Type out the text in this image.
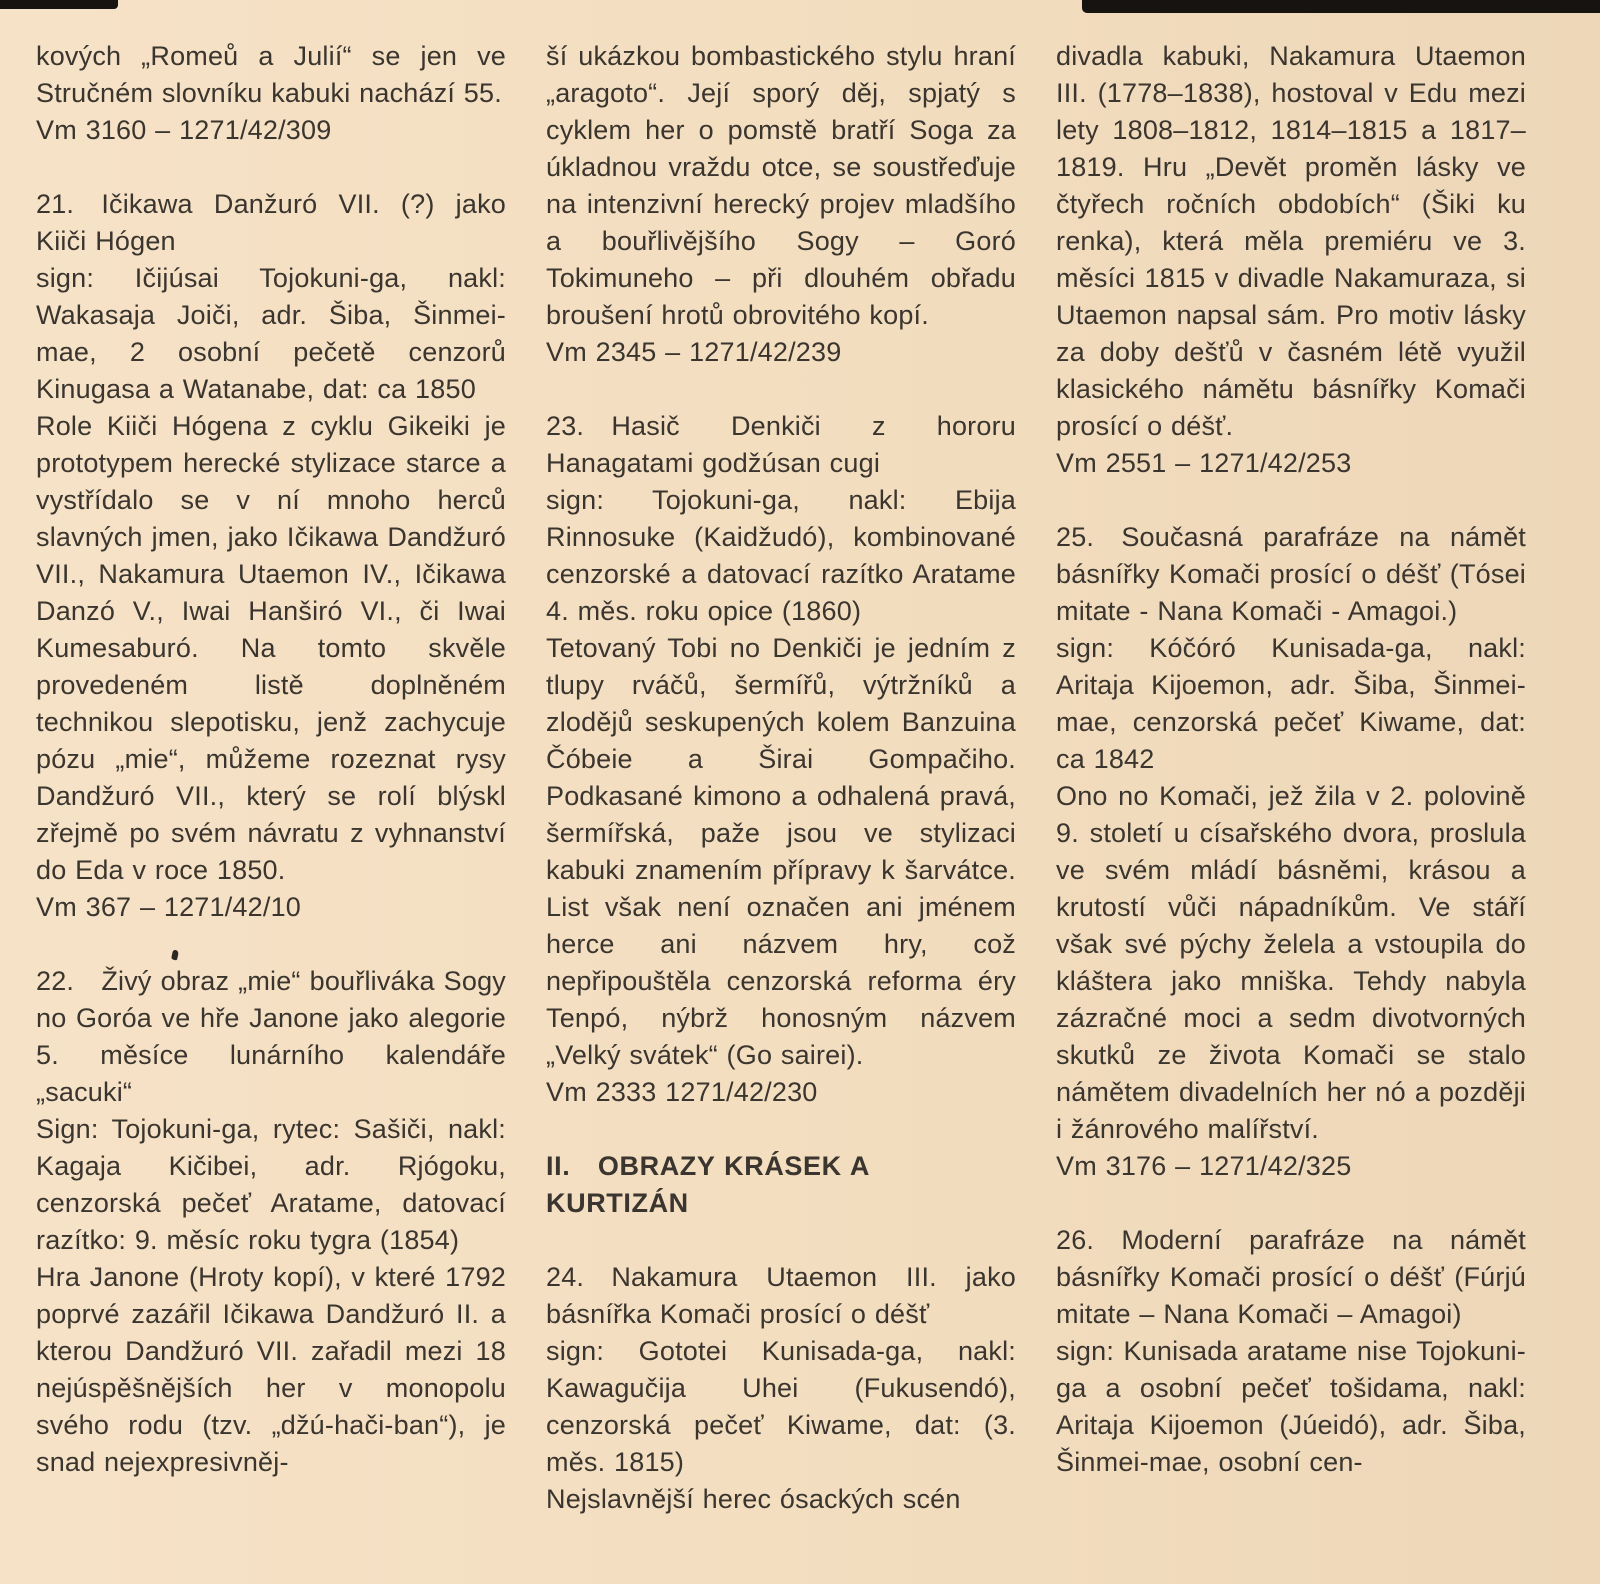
kových „Romeů a Julií“ se jen ve Stručném slovníku kabuki nachází 55.

Vm 3160 – 1271/42/309

21. Ičikawa Danžuró VII. (?) jako Kiiči Hógen

sign: Ičijúsai Tojokuni-ga, nakl: Wakasaja Joiči, adr. Šiba, Šinmei-mae, 2 osobní pečetě cenzorů Kinugasa a Watanabe, dat: ca 1850

Role Kiiči Hógena z cyklu Gikeiki je prototypem herecké stylizace starce a vystřídalo se v ní mnoho herců slavných jmen, jako Ičikawa Dandžuró VII., Nakamura Utaemon IV., Ičikawa Danzó V., Iwai Hanširó VI., či Iwai Kumesaburó. Na tomto skvěle provedeném listě doplněném technikou slepotisku, jenž zachycuje pózu „mie“, můžeme rozeznat rysy Dandžuró VII., který se rolí blýskl zřejmě po svém návratu z vyhnanství do Eda v roce 1850.

Vm 367 – 1271/42/10

22. Živý obraz „mie“ bouřliváka Sogy no Goróa ve hře Janone jako alegorie 5. měsíce lunárního kalendáře „sacuki“

Sign: Tojokuni-ga, rytec: Sašiči, nakl: Kagaja Kičibei, adr. Rjógoku, cenzorská pečeť Aratame, datovací razítko: 9. měsíc roku tygra (1854)

Hra Janone (Hroty kopí), v které 1792 poprvé zazářil Ičikawa Dandžuró II. a kterou Dandžuró VII. zařadil mezi 18 nejúspěšnějších her v monopolu svého rodu (tzv. „džú-hači-ban“), je snad nejexpresivněj-

ší ukázkou bombastického stylu hraní „aragoto“. Její sporý děj, spjatý s cyklem her o pomstě bratří Soga za úkladnou vraždu otce, se soustřeďuje na intenzivní herecký projev mladšího a bouřlivějšího Sogy – Goró Tokimuneho – při dlouhém obřadu broušení hrotů obrovitého kopí.

Vm 2345 – 1271/42/239

23. Hasič Denkiči z hororu Hanagatami godžúsan cugi

sign: Tojokuni-ga, nakl: Ebija Rinnosuke (Kaidžudó), kombinované cenzorské a datovací razítko Aratame 4. měs. roku opice (1860)

Tetovaný Tobi no Denkiči je jedním z tlupy rváčů, šermířů, výtržníků a zlodějů seskupených kolem Banzuina Čóbeie a Širai Gompačiho. Podkasané kimono a odhalená pravá, šermířská, paže jsou ve stylizaci kabuki znamením přípravy k šarvátce. List však není označen ani jménem herce ani názvem hry, což nepřipouštěla cenzorská reforma éry Tenpó, nýbrž honosným názvem „Velký svátek“ (Go sairei).

Vm 2333 1271/42/230

II. OBRAZY KRÁSEK A KURTIZÁN

24. Nakamura Utaemon III. jako básnířka Komači prosící o déšť

sign: Gototei Kunisada-ga, nakl: Kawagučija Uhei (Fukusendó), cenzorská pečeť Kiwame, dat: (3. měs. 1815)

Nejslavnější herec ósackých scén

divadla kabuki, Nakamura Utaemon III. (1778–1838), hostoval v Edu mezi lety 1808–1812, 1814–1815 a 1817–1819. Hru „Devět proměn lásky ve čtyřech ročních obdobích“ (Šiki ku renka), která měla premiéru ve 3. měsíci 1815 v divadle Nakamuraza, si Utaemon napsal sám. Pro motiv lásky za doby dešťů v časném létě využil klasického námětu básnířky Komači prosící o déšť.

Vm 2551 – 1271/42/253

25. Současná parafráze na námět básnířky Komači prosící o déšť (Tósei mitate - Nana Komači - Amagoi.)

sign: Kóčóró Kunisada-ga, nakl: Aritaja Kijoemon, adr. Šiba, Šinmei-mae, cenzorská pečeť Kiwame, dat: ca 1842

Ono no Komači, jež žila v 2. polovině 9. století u císařského dvora, proslula ve svém mládí básněmi, krásou a krutostí vůči nápadníkům. Ve stáří však své pýchy želela a vstoupila do kláštera jako mniška. Tehdy nabyla zázračné moci a sedm divotvorných skutků ze života Komači se stalo námětem divadelních her nó a později i žánrového malířství.

Vm 3176 – 1271/42/325

26. Moderní parafráze na námět básnířky Komači prosící o déšť (Fúrjú mitate – Nana Komači – Amagoi)

sign: Kunisada aratame nise Tojokuni-ga a osobní pečeť tošidama, nakl: Aritaja Kijoemon (Júeidó), adr. Šiba, Šinmei-mae, osobní cen-
